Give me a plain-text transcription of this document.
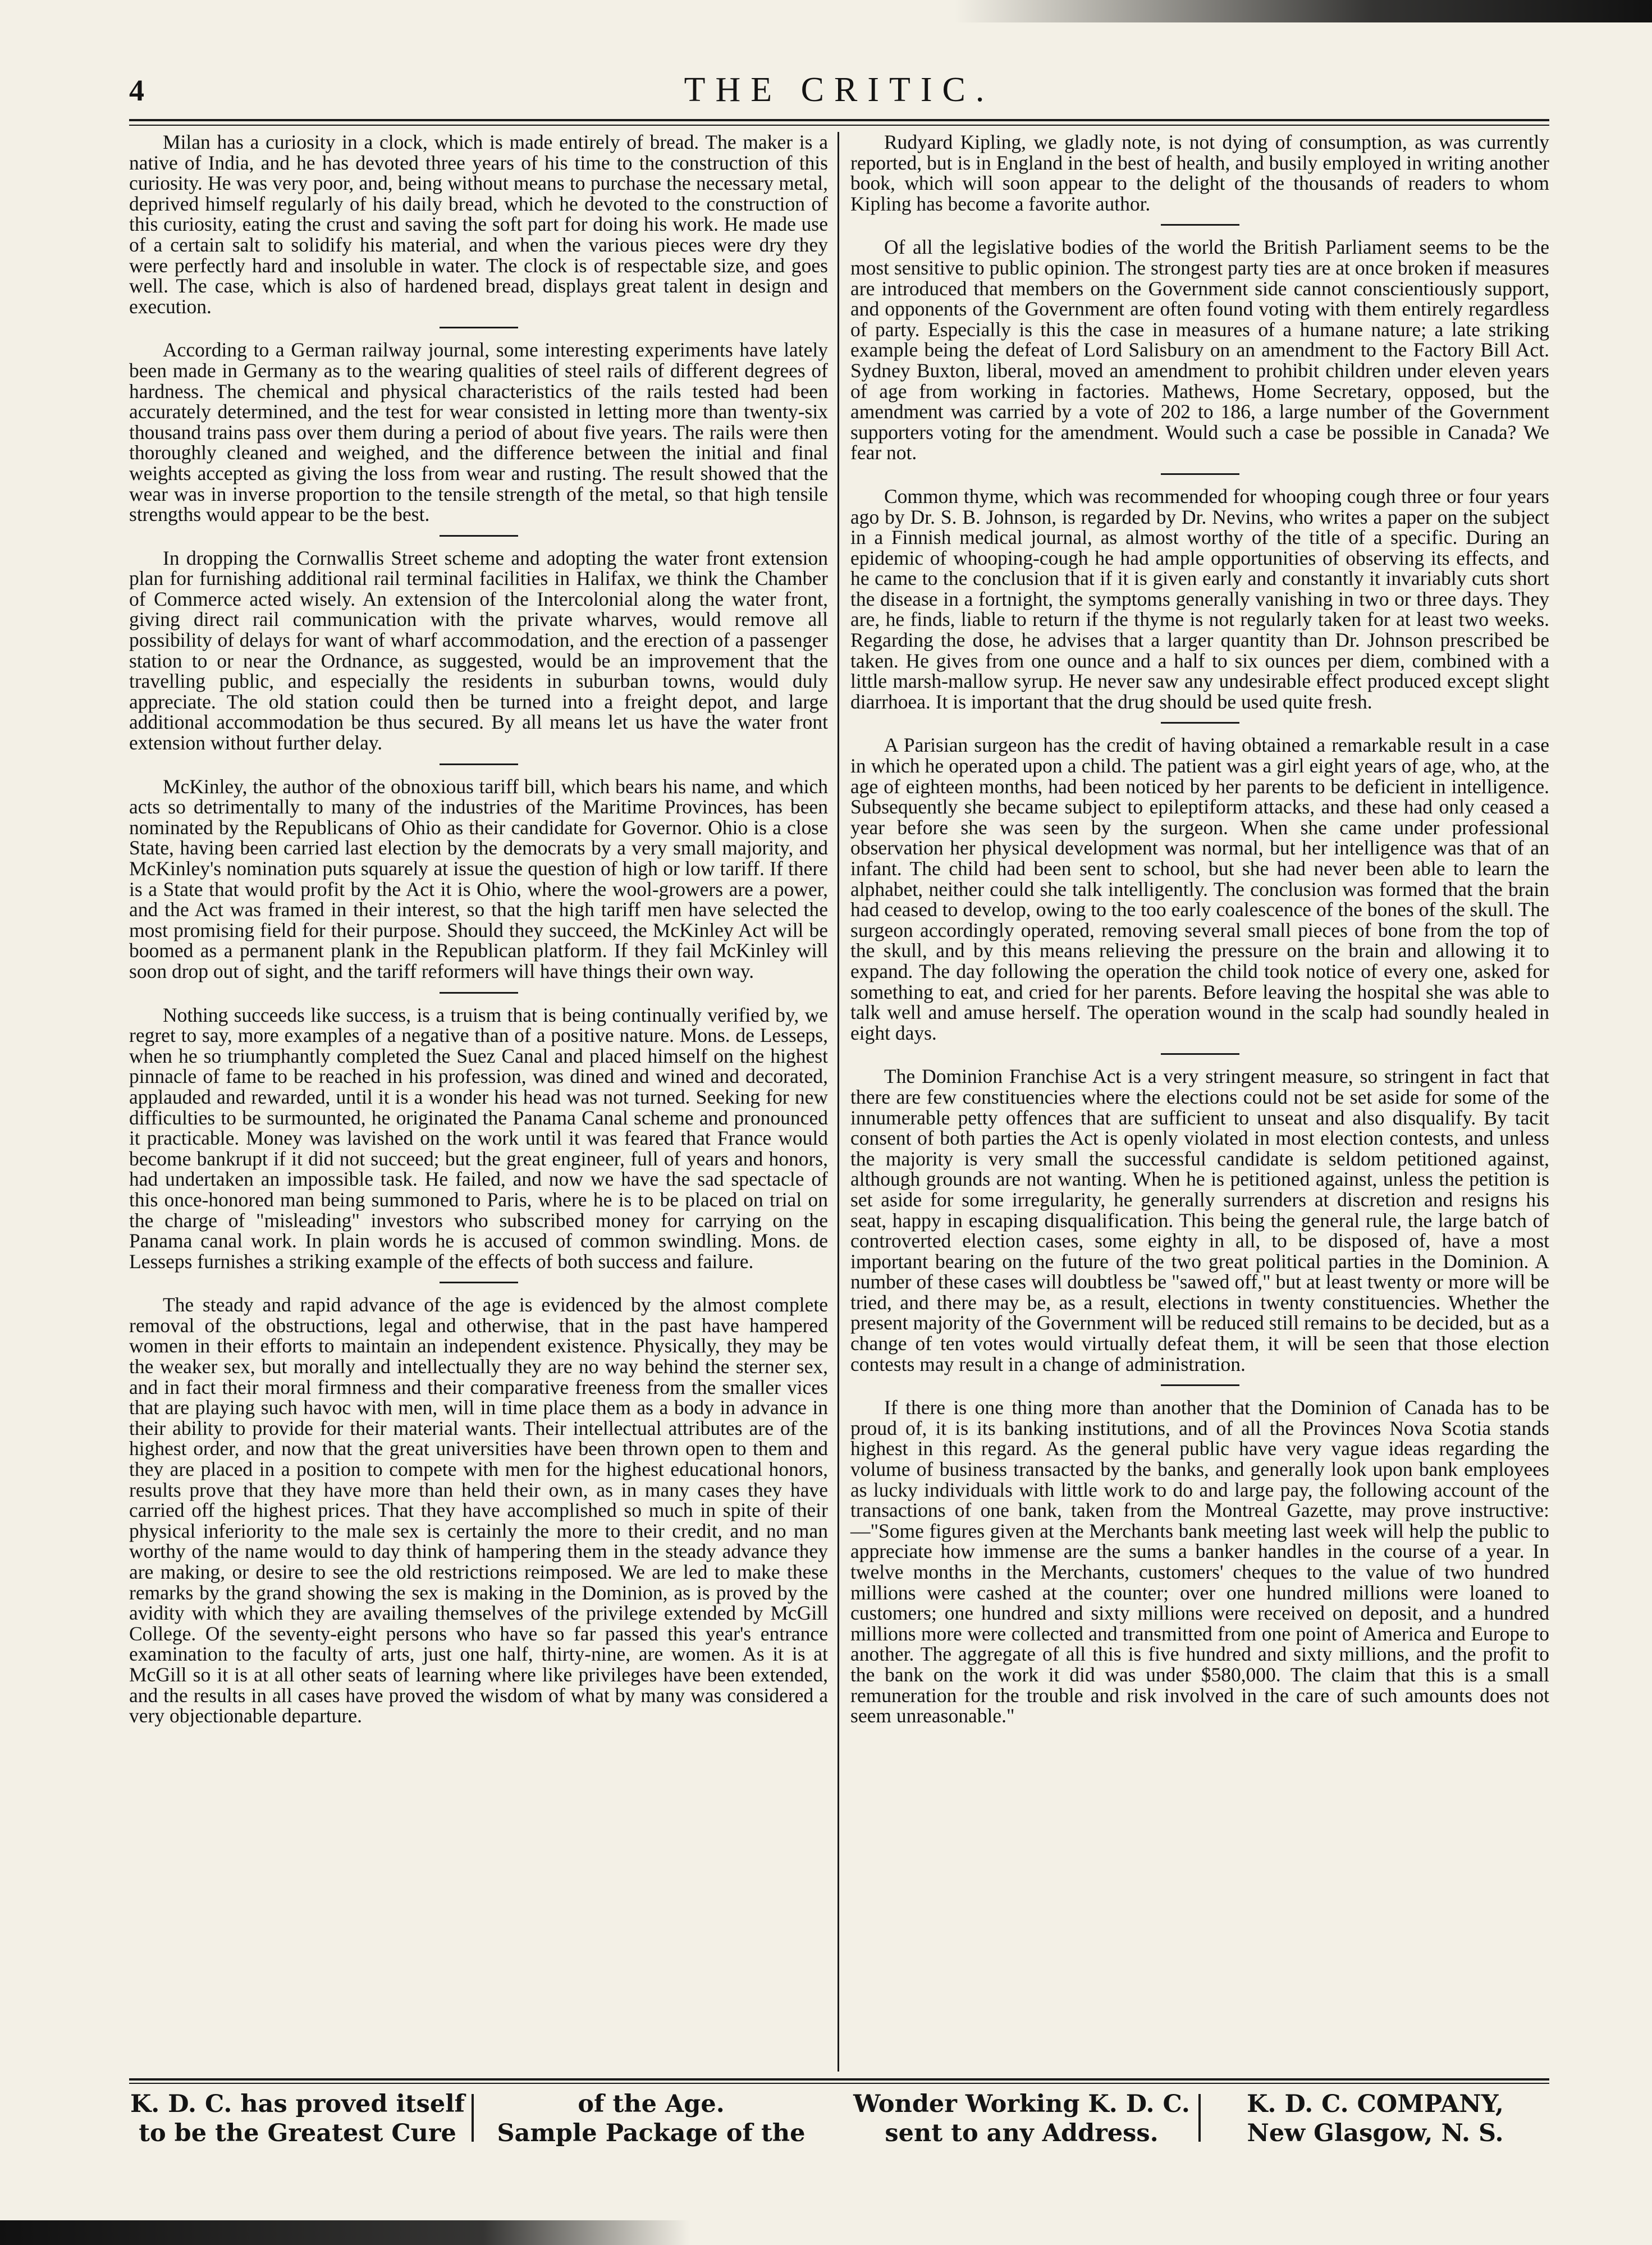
4	THE CRITIC.

Milan has a curiosity in a clock, which is made entirely of bread. The maker is a native of India, and he has devoted three years of his time to the construction of this curiosity. He was very poor, and, being without means to purchase the necessary metal, deprived himself regularly of his daily bread, which he devoted to the construction of this curiosity, eating the crust and saving the soft part for doing his work. He made use of a certain salt to solidify his material, and when the various pieces were dry they were perfectly hard and insoluble in water. The clock is of respectable size, and goes well. The case, which is also of hardened bread, displays great talent in design and execution.

According to a German railway journal, some interesting experiments have lately been made in Germany as to the wearing qualities of steel rails of different degrees of hardness. The chemical and physical characteristics of the rails tested had been accurately determined, and the test for wear consisted in letting more than twenty-six thousand trains pass over them during a period of about five years. The rails were then thoroughly cleaned and weighed, and the difference between the initial and final weights accepted as giving the loss from wear and rusting. The result showed that the wear was in inverse proportion to the tensile strength of the metal, so that high tensile strengths would appear to be the best.

In dropping the Cornwallis Street scheme and adopting the water front extension plan for furnishing additional rail terminal facilities in Halifax, we think the Chamber of Commerce acted wisely. An extension of the Intercolonial along the water front, giving direct rail communication with the private wharves, would remove all possibility of delays for want of wharf accommodation, and the erection of a passenger station to or near the Ordnance, as suggested, would be an improvement that the travelling public, and especially the residents in suburban towns, would duly appreciate. The old station could then be turned into a freight depot, and large additional accommodation be thus secured. By all means let us have the water front extension without further delay.

McKinley, the author of the obnoxious tariff bill, which bears his name, and which acts so detrimentally to many of the industries of the Maritime Provinces, has been nominated by the Republicans of Ohio as their candidate for Governor. Ohio is a close State, having been carried last election by the democrats by a very small majority, and McKinley's nomination puts squarely at issue the question of high or low tariff. If there is a State that would profit by the Act it is Ohio, where the wool-growers are a power, and the Act was framed in their interest, so that the high tariff men have selected the most promising field for their purpose. Should they succeed, the McKinley Act will be boomed as a permanent plank in the Republican platform. If they fail McKinley will soon drop out of sight, and the tariff reformers will have things their own way.

Nothing succeeds like success, is a truism that is being continually verified by, we regret to say, more examples of a negative than of a positive nature. Mons. de Lesseps, when he so triumphantly completed the Suez Canal and placed himself on the highest pinnacle of fame to be reached in his profession, was dined and wined and decorated, applauded and rewarded, until it is a wonder his head was not turned. Seeking for new difficulties to be surmounted, he originated the Panama Canal scheme and pronounced it practicable. Money was lavished on the work until it was feared that France would become bankrupt if it did not succeed; but the great engineer, full of years and honors, had undertaken an impossible task. He failed, and now we have the sad spectacle of this once-honored man being summoned to Paris, where he is to be placed on trial on the charge of "misleading" investors who subscribed money for carrying on the Panama canal work. In plain words he is accused of common swindling. Mons. de Lesseps furnishes a striking example of the effects of both success and failure.

The steady and rapid advance of the age is evidenced by the almost complete removal of the obstructions, legal and otherwise, that in the past have hampered women in their efforts to maintain an independent existence. Physically, they may be the weaker sex, but morally and intellectually they are no way behind the sterner sex, and in fact their moral firmness and their comparative freeness from the smaller vices that are playing such havoc with men, will in time place them as a body in advance in their ability to provide for their material wants. Their intellectual attributes are of the highest order, and now that the great universities have been thrown open to them and they are placed in a position to compete with men for the highest educational honors, results prove that they have more than held their own, as in many cases they have carried off the highest prices. That they have accomplished so much in spite of their physical inferiority to the male sex is certainly the more to their credit, and no man worthy of the name would to day think of hampering them in the steady advance they are making, or desire to see the old restrictions reimposed. We are led to make these remarks by the grand showing the sex is making in the Dominion, as is proved by the avidity with which they are availing themselves of the privilege extended by McGill College. Of the seventy-eight persons who have so far passed this year's entrance examination to the faculty of arts, just one half, thirty-nine, are women. As it is at McGill so it is at all other seats of learning where like privileges have been extended, and the results in all cases have proved the wisdom of what by many was considered a very objectionable departure.

Rudyard Kipling, we gladly note, is not dying of consumption, as was currently reported, but is in England in the best of health, and busily employed in writing another book, which will soon appear to the delight of the thousands of readers to whom Kipling has become a favorite author.

Of all the legislative bodies of the world the British Parliament seems to be the most sensitive to public opinion. The strongest party ties are at once broken if measures are introduced that members on the Government side cannot conscientiously support, and opponents of the Government are often found voting with them entirely regardless of party. Especially is this the case in measures of a humane nature; a late striking example being the defeat of Lord Salisbury on an amendment to the Factory Bill Act. Sydney Buxton, liberal, moved an amendment to prohibit children under eleven years of age from working in factories. Mathews, Home Secretary, opposed, but the amendment was carried by a vote of 202 to 186, a large number of the Government supporters voting for the amendment. Would such a case be possible in Canada? We fear not.

Common thyme, which was recommended for whooping cough three or four years ago by Dr. S. B. Johnson, is regarded by Dr. Nevins, who writes a paper on the subject in a Finnish medical journal, as almost worthy of the title of a specific. During an epidemic of whooping-cough he had ample opportunities of observing its effects, and he came to the conclusion that if it is given early and constantly it invariably cuts short the disease in a fortnight, the symptoms generally vanishing in two or three days. They are, he finds, liable to return if the thyme is not regularly taken for at least two weeks. Regarding the dose, he advises that a larger quantity than Dr. Johnson prescribed be taken. He gives from one ounce and a half to six ounces per diem, combined with a little marsh-mallow syrup. He never saw any undesirable effect produced except slight diarrhoea. It is important that the drug should be used quite fresh.

A Parisian surgeon has the credit of having obtained a remarkable result in a case in which he operated upon a child. The patient was a girl eight years of age, who, at the age of eighteen months, had been noticed by her parents to be deficient in intelligence. Subsequently she became subject to epileptiform attacks, and these had only ceased a year before she was seen by the surgeon. When she came under professional observation her physical development was normal, but her intelligence was that of an infant. The child had been sent to school, but she had never been able to learn the alphabet, neither could she talk intelligently. The conclusion was formed that the brain had ceased to develop, owing to the too early coalescence of the bones of the skull. The surgeon accordingly operated, removing several small pieces of bone from the top of the skull, and by this means relieving the pressure on the brain and allowing it to expand. The day following the operation the child took notice of every one, asked for something to eat, and cried for her parents. Before leaving the hospital she was able to talk well and amuse herself. The operation wound in the scalp had soundly healed in eight days.

The Dominion Franchise Act is a very stringent measure, so stringent in fact that there are few constituencies where the elections could not be set aside for some of the innumerable petty offences that are sufficient to unseat and also disqualify. By tacit consent of both parties the Act is openly violated in most election contests, and unless the majority is very small the successful candidate is seldom petitioned against, although grounds are not wanting. When he is petitioned against, unless the petition is set aside for some irregularity, he generally surrenders at discretion and resigns his seat, happy in escaping disqualification. This being the general rule, the large batch of controverted election cases, some eighty in all, to be disposed of, have a most important bearing on the future of the two great political parties in the Dominion. A number of these cases will doubtless be "sawed off," but at least twenty or more will be tried, and there may be, as a result, elections in twenty constituencies. Whether the present majority of the Government will be reduced still remains to be decided, but as a change of ten votes would virtually defeat them, it will be seen that those election contests may result in a change of administration.

If there is one thing more than another that the Dominion of Canada has to be proud of, it is its banking institutions, and of all the Provinces Nova Scotia stands highest in this regard. As the general public have very vague ideas regarding the volume of business transacted by the banks, and generally look upon bank employees as lucky individuals with little work to do and large pay, the following account of the transactions of one bank, taken from the Montreal Gazette, may prove instructive:—"Some figures given at the Merchants bank meeting last week will help the public to appreciate how immense are the sums a banker handles in the course of a year. In twelve months in the Merchants, customers' cheques to the value of two hundred millions were cashed at the counter; over one hundred millions were loaned to customers; one hundred and sixty millions were received on deposit, and a hundred millions more were collected and transmitted from one point of America and Europe to another. The aggregate of all this is five hundred and sixty millions, and the profit to the bank on the work it did was under $580,000. The claim that this is a small remuneration for the trouble and risk involved in the care of such amounts does not seem unreasonable."

K. D. C. has proved itself
to be the Greatest Cure
of the Age.
Sample Package of the
Wonder Working K. D. C.
sent to any Address.
K. D. C. COMPANY,
New Glasgow, N. S.
